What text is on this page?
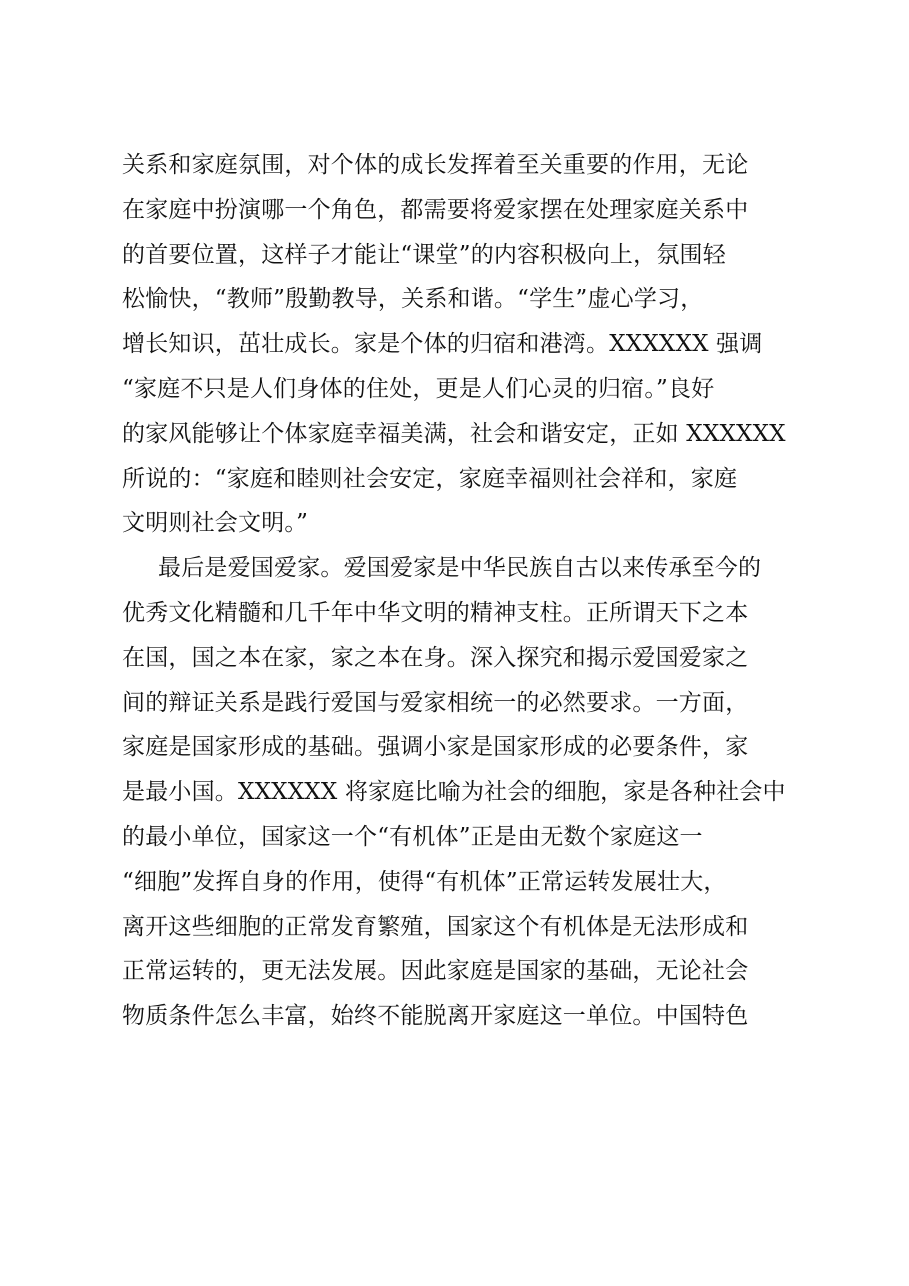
关系和家庭氛围，对个体的成长发挥着至关重要的作用，无论
在家庭中扮演哪一个角色，都需要将爱家摆在处理家庭关系中
的首要位置，这样子才能让“课堂”的内容积极向上，氛围轻
松愉快，“教师”殷勤教导，关系和谐。“学生”虚心学习，
增长知识，茁壮成长。家是个体的归宿和港湾。XXXXXX 强调
“家庭不只是人们身体的住处，更是人们心灵的归宿。”良好
的家风能够让个体家庭幸福美满，社会和谐安定，正如 XXXXXX
所说的：“家庭和睦则社会安定，家庭幸福则社会祥和，家庭
文明则社会文明。”
最后是爱国爱家。爱国爱家是中华民族自古以来传承至今的
优秀文化精髓和几千年中华文明的精神支柱。正所谓天下之本
在国，国之本在家，家之本在身。深入探究和揭示爱国爱家之
间的辩证关系是践行爱国与爱家相统一的必然要求。一方面，
家庭是国家形成的基础。强调小家是国家形成的必要条件，家
是最小国。XXXXXX 将家庭比喻为社会的细胞，家是各种社会中
的最小单位，国家这一个“有机体”正是由无数个家庭这一
“细胞”发挥自身的作用，使得“有机体”正常运转发展壮大，
离开这些细胞的正常发育繁殖，国家这个有机体是无法形成和
正常运转的，更无法发展。因此家庭是国家的基础，无论社会
物质条件怎么丰富，始终不能脱离开家庭这一单位。中国特色
